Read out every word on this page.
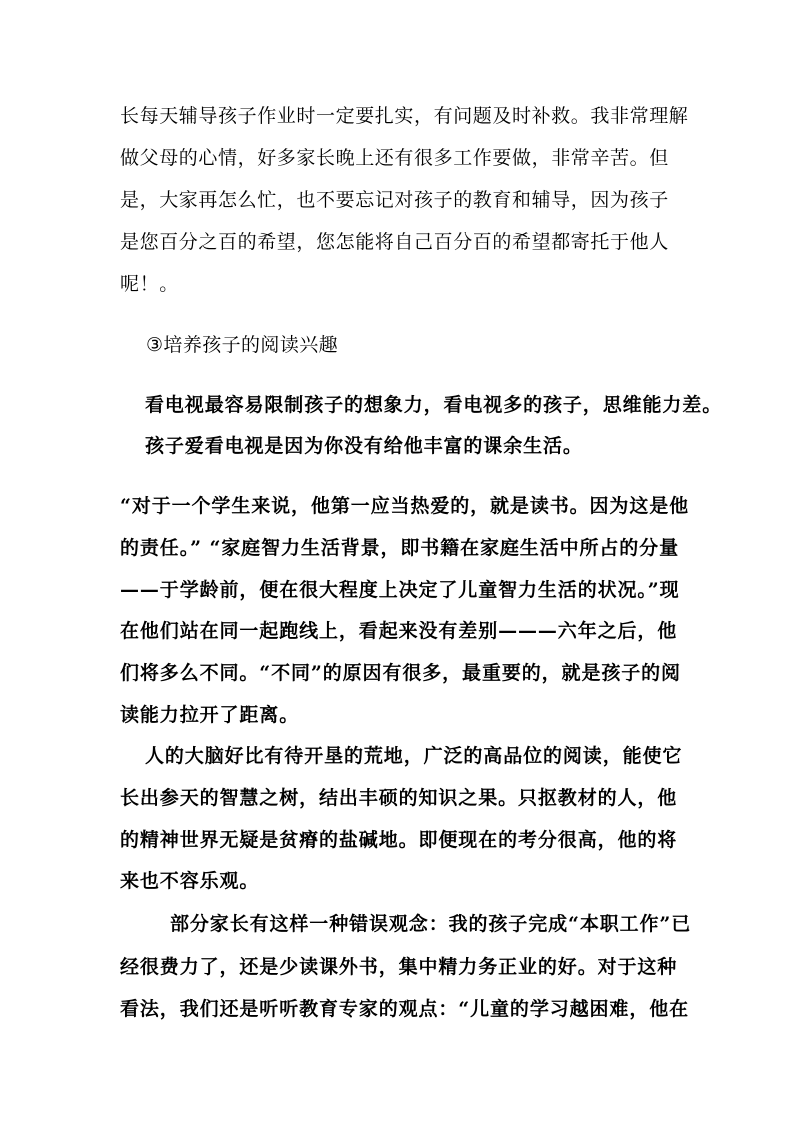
长每天辅导孩子作业时一定要扎实，有问题及时补救。我非常理解
做父母的心情，好多家长晚上还有很多工作要做，非常辛苦。但
是，大家再怎么忙，也不要忘记对孩子的教育和辅导，因为孩子
是您百分之百的希望，您怎能将自己百分百的希望都寄托于他人
呢！。
③培养孩子的阅读兴趣
看电视最容易限制孩子的想象力，看电视多的孩子，思维能力差。
孩子爱看电视是因为你没有给他丰富的课余生活。
“对于一个学生来说，他第一应当热爱的，就是读书。因为这是他
的责任。” “家庭智力生活背景，即书籍在家庭生活中所占的分量
——于学龄前，便在很大程度上决定了儿童智力生活的状况。”现
在他们站在同一起跑线上，看起来没有差别———六年之后，他
们将多么不同。“不同”的原因有很多，最重要的，就是孩子的阅
读能力拉开了距离。
人的大脑好比有待开垦的荒地，广泛的高品位的阅读，能使它
长出参天的智慧之树，结出丰硕的知识之果。只抠教材的人，他
的精神世界无疑是贫瘠的盐碱地。即便现在的考分很高，他的将
来也不容乐观。
部分家长有这样一种错误观念：我的孩子完成“本职工作”已
经很费力了，还是少读课外书，集中精力务正业的好。对于这种
看法，我们还是听听教育专家的观点：“儿童的学习越困难，他在
